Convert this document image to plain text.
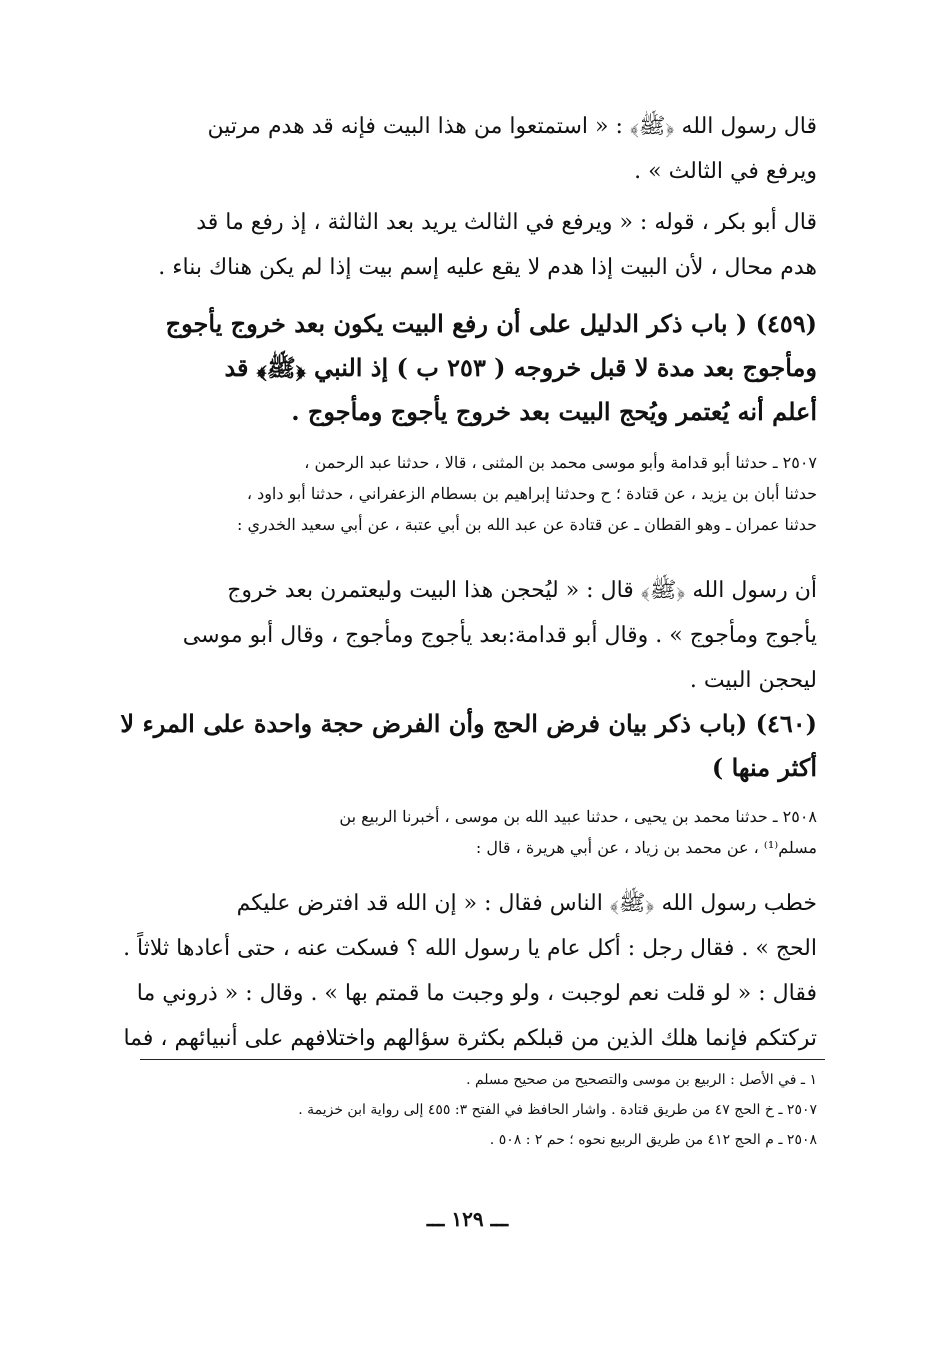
قال رسول الله ﴿ﷺ﴾ : « استمتعوا من هذا البيت فإنه قد هدم مرتين
ويرفع في الثالث » .
قال أبو بكر ، قوله : « ويرفع في الثالث يريد بعد الثالثة ، إذ رفع ما قد
هدم محال ، لأن البيت إذا هدم لا يقع عليه إسم بيت إذا لم يكن هناك بناء .
(٤٥٩) ( باب ذكر الدليل على أن رفع البيت يكون بعد خروج يأجوج
ومأجوج بعد مدة لا قبل خروجه ( ٢٥٣ ب ) إذ النبي ﴿ﷺ﴾ قد
أعلم أنه يُعتمر ويُحج البيت بعد خروج يأجوج ومأجوج .
٢٥٠٧ ـ حدثنا أبو قدامة وأبو موسى محمد بن المثنى ، قالا ، حدثنا عبد الرحمن ،
حدثنا أبان بن يزيد ، عن قتادة ؛ ح وحدثنا إبراهيم بن بسطام الزعفراني ، حدثنا أبو داود ،
حدثنا عمران ـ وهو القطان ـ عن قتادة عن عبد الله بن أبي عتبة ، عن أبي سعيد الخدري :
أن رسول الله ﴿ﷺ﴾ قال : « ليُحجن هذا البيت وليعتمرن بعد خروج
يأجوج ومأجوج » . وقال أبو قدامة:بعد يأجوج ومأجوج ، وقال أبو موسى
ليحجن البيت .
(٤٦٠) (باب ذكر بيان فرض الحج وأن الفرض حجة واحدة على المرء لا
أكثر منها )
٢٥٠٨ ـ حدثنا محمد بن يحيى ، حدثنا عبيد الله بن موسى ، أخبرنا الربيع بن
مسلم⁽¹⁾ ، عن محمد بن زياد ، عن أبي هريرة ، قال :
خطب رسول الله ﴿ﷺ﴾ الناس فقال : « إن الله قد افترض عليكم
الحج » . فقال رجل : أكل عام يا رسول الله ؟ فسكت عنه ، حتى أعادها ثلاثاً .
فقال : « لو قلت نعم لوجبت ، ولو وجبت ما قمتم بها » . وقال : « ذروني ما
تركتكم فإنما هلك الذين من قبلكم بكثرة سؤالهم واختلافهم على أنبيائهم ، فما
١ ـ في الأصل : الربيع بن موسى والتصحيح من صحيح مسلم .
٢٥٠٧ ـ خ الحج ٤٧ من طريق قتادة . واشار الحافظ في الفتح ٣: ٤٥٥ إلى رواية ابن خزيمة .
٢٥٠٨ ـ م الحج ٤١٢ من طريق الربيع نحوه ؛ حم ٢ : ٥٠٨ .
ـــ ١٢٩ ـــ
